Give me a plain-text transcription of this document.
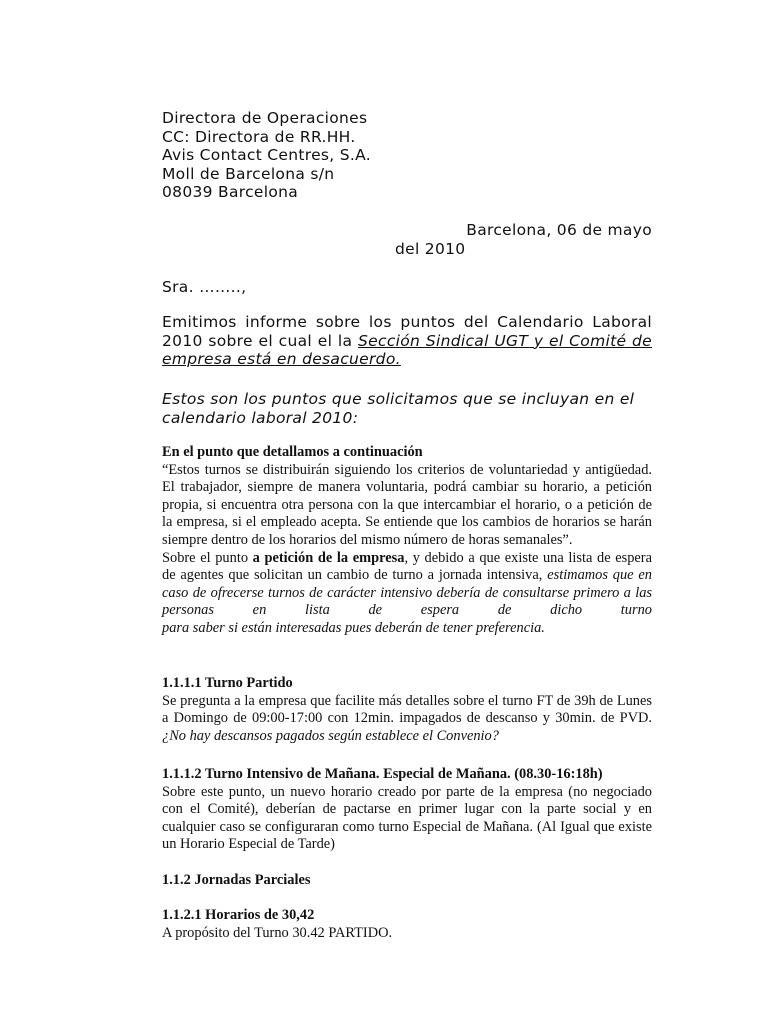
Directora de Operaciones
CC: Directora de RR.HH.
Avis Contact Centres, S.A.
Moll de Barcelona s/n
08039 Barcelona
Barcelona, 06 de mayo
del 2010
Sra. ……..,
Emitimos informe sobre los puntos del Calendario Laboral 2010 sobre el cual el la Sección Sindical UGT y el Comité de empresa está en desacuerdo.
Estos son los puntos que solicitamos que se incluyan en el calendario laboral 2010:
En el punto que detallamos a continuación
“Estos turnos se distribuirán siguiendo los criterios de voluntariedad y antigüedad. El trabajador, siempre de manera voluntaria, podrá cambiar su horario, a petición propia, si encuentra otra persona con la que intercambiar el horario, o a petición de la empresa, si el empleado acepta. Se entiende que los cambios de horarios se harán siempre dentro de los horarios del mismo número de horas semanales”.
Sobre el punto a petición de la empresa, y debido a que existe una lista de espera de agentes que solicitan un cambio de turno a jornada intensiva, estimamos que en caso de ofrecerse turnos de carácter intensivo debería de consultarse primero a las personas en lista de espera de dicho turno
para saber si están interesadas pues deberán de tener preferencia.
1.1.1.1 Turno Partido
Se pregunta a la empresa que facilite más detalles sobre el turno FT de 39h de Lunes a Domingo de 09:00-17:00 con 12min. impagados de descanso y 30min. de PVD. ¿No hay descansos pagados según establece el Convenio?
1.1.1.2 Turno Intensivo de Mañana. Especial de Mañana. (08.30-16:18h)
Sobre este punto, un nuevo horario creado por parte de la empresa (no negociado con el Comité), deberían de pactarse en primer lugar con la parte social y en cualquier caso se configuraran como turno Especial de Mañana. (Al Igual que existe un Horario Especial de Tarde)
1.1.2 Jornadas Parciales
1.1.2.1 Horarios de 30,42
A propósito del Turno 30.42 PARTIDO.
